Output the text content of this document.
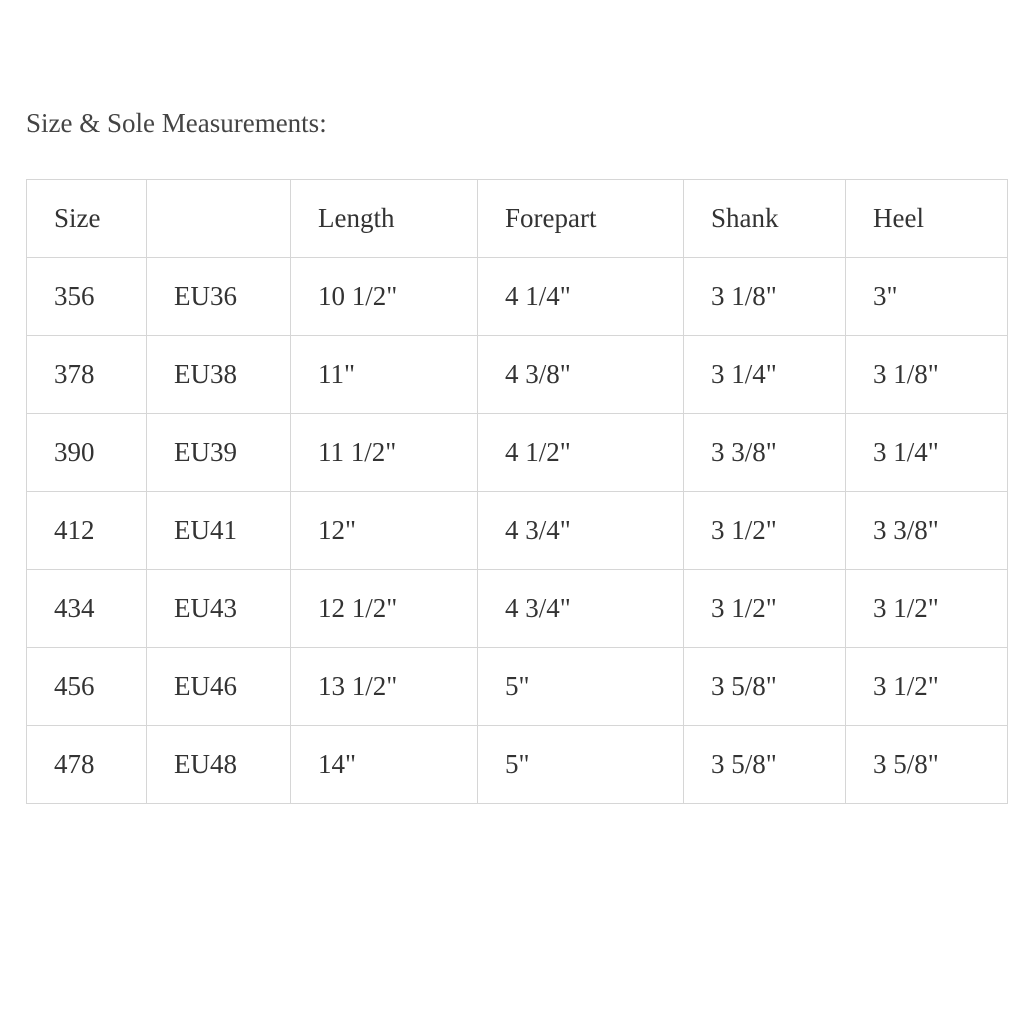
Size & Sole Measurements:
Size		Length	Forepart	Shank	Heel
356	EU36	10 1/2"	4 1/4"	3 1/8"	3"
378	EU38	11"	4 3/8"	3 1/4"	3 1/8"
390	EU39	11 1/2"	4 1/2"	3 3/8"	3 1/4"
412	EU41	12"	4 3/4"	3 1/2"	3 3/8"
434	EU43	12 1/2"	4 3/4"	3 1/2"	3 1/2"
456	EU46	13 1/2"	5"	3 5/8"	3 1/2"
478	EU48	14"	5"	3 5/8"	3 5/8"
